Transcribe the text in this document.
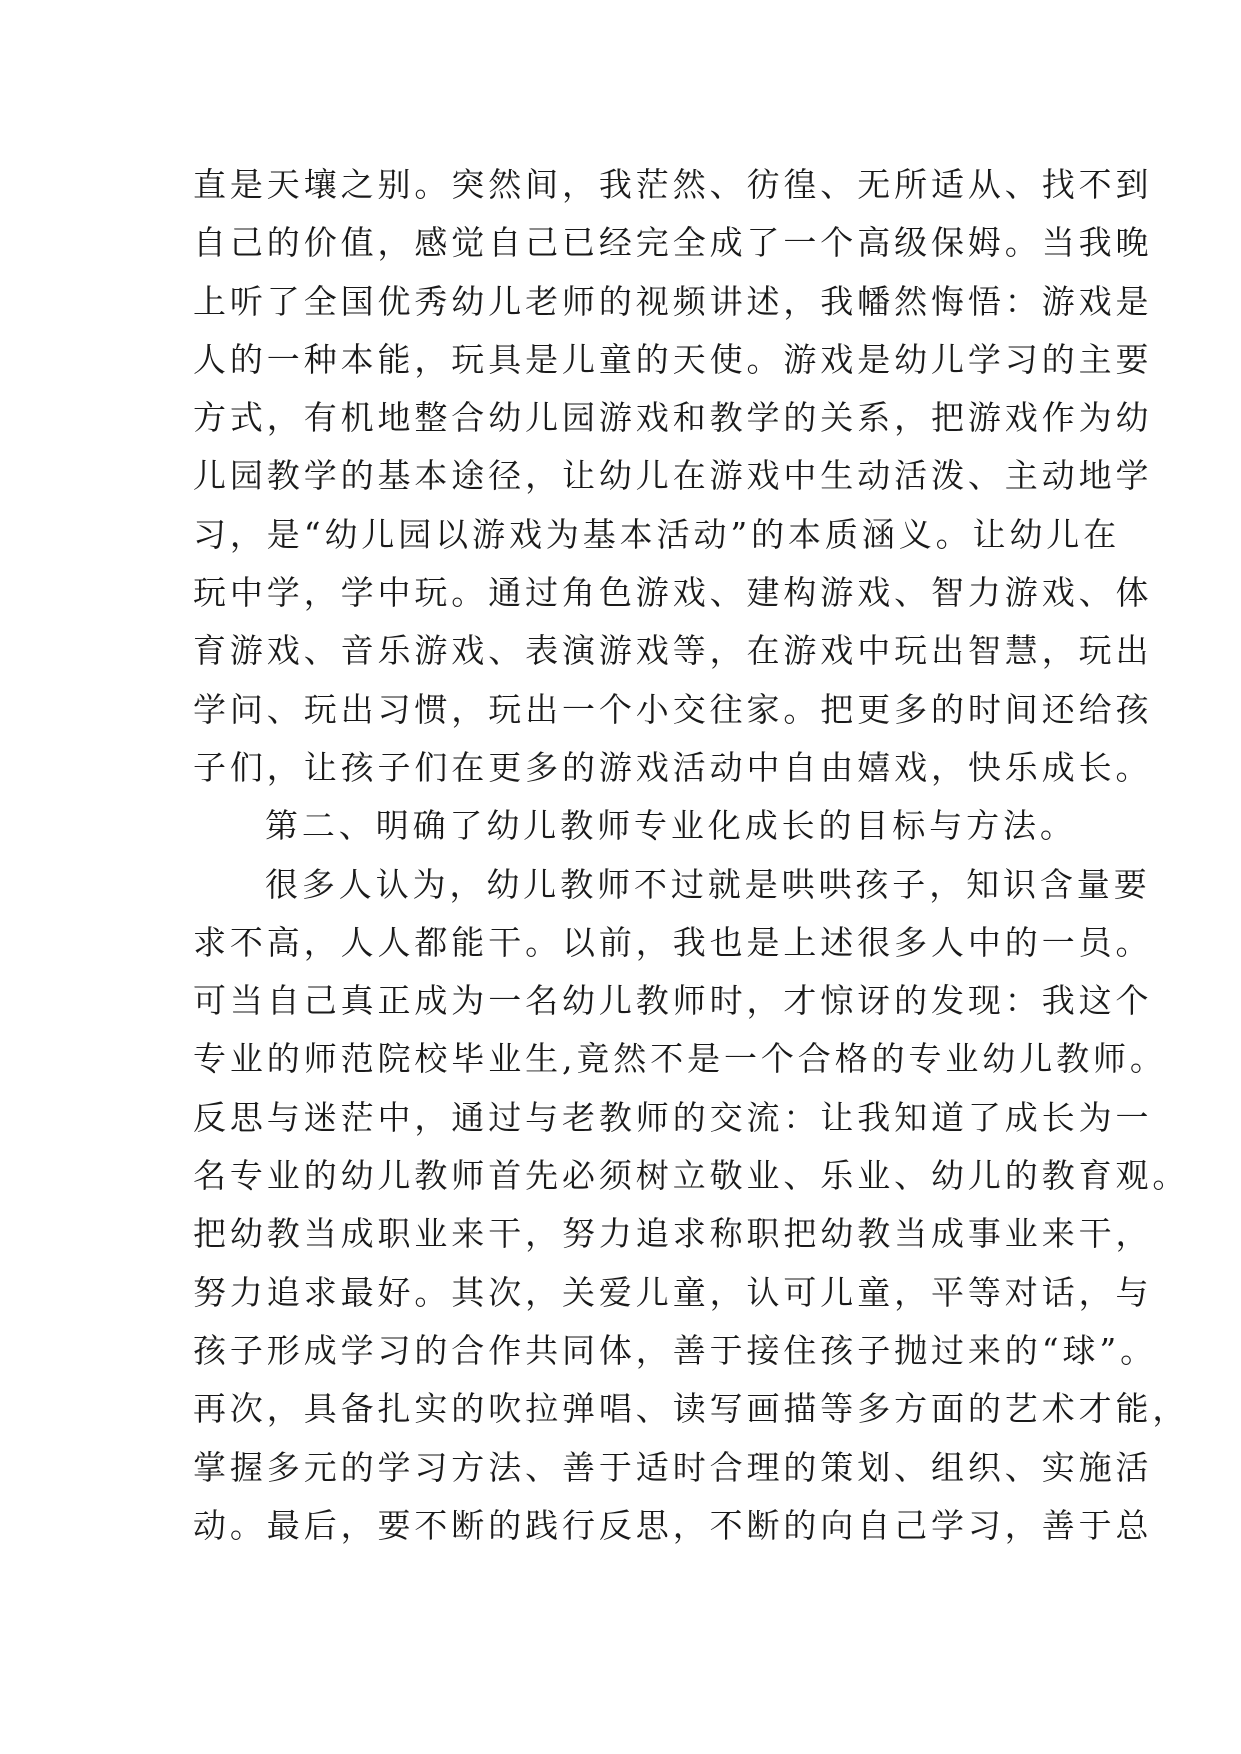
直是天壤之别。突然间，我茫然、彷徨、无所适从、找不到
自己的价值，感觉自己已经完全成了一个高级保姆。当我晚
上听了全国优秀幼儿老师的视频讲述，我幡然悔悟：游戏是
人的一种本能，玩具是儿童的天使。游戏是幼儿学习的主要
方式，有机地整合幼儿园游戏和教学的关系，把游戏作为幼
儿园教学的基本途径，让幼儿在游戏中生动活泼、主动地学
习，是“幼儿园以游戏为基本活动”的本质涵义。让幼儿在
玩中学，学中玩。通过角色游戏、建构游戏、智力游戏、体
育游戏、音乐游戏、表演游戏等，在游戏中玩出智慧，玩出
学问、玩出习惯，玩出一个小交往家。把更多的时间还给孩
子们，让孩子们在更多的游戏活动中自由嬉戏，快乐成长。
第二、明确了幼儿教师专业化成长的目标与方法。
很多人认为，幼儿教师不过就是哄哄孩子，知识含量要
求不高，人人都能干。以前，我也是上述很多人中的一员。
可当自己真正成为一名幼儿教师时，才惊讶的发现：我这个
专业的师范院校毕业生,竟然不是一个合格的专业幼儿教师。
反思与迷茫中，通过与老教师的交流：让我知道了成长为一
名专业的幼儿教师首先必须树立敬业、乐业、幼儿的教育观。
把幼教当成职业来干，努力追求称职把幼教当成事业来干，
努力追求最好。其次，关爱儿童，认可儿童，平等对话，与
孩子形成学习的合作共同体，善于接住孩子抛过来的“球”。
再次，具备扎实的吹拉弹唱、读写画描等多方面的艺术才能，
掌握多元的学习方法、善于适时合理的策划、组织、实施活
动。最后，要不断的践行反思，不断的向自己学习，善于总
